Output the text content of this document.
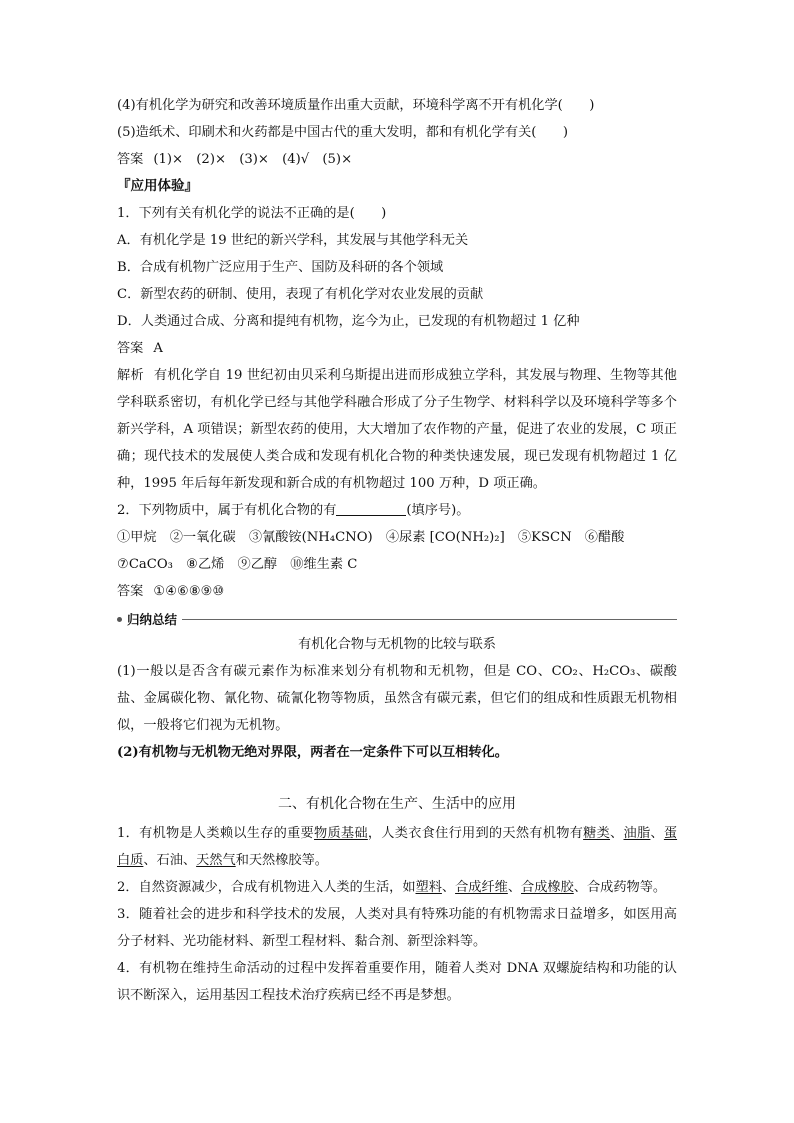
(4)有机化学为研究和改善环境质量作出重大贡献，环境科学离不开有机化学(　　)
(5)造纸术、印刷术和火药都是中国古代的重大发明，都和有机化学有关(　　)
答案 (1)×　(2)×　(3)×　(4)√　(5)×
『应用体验』
1．下列有关有机化学的说法不正确的是(　　)
A．有机化学是 19 世纪的新兴学科，其发展与其他学科无关
B．合成有机物广泛应用于生产、国防及科研的各个领域
C．新型农药的研制、使用，表现了有机化学对农业发展的贡献
D．人类通过合成、分离和提纯有机物，迄今为止，已发现的有机物超过 1 亿种
答案 A
解析 有机化学自 19 世纪初由贝采利乌斯提出进而形成独立学科，其发展与物理、生物等其他学科联系密切，有机化学已经与其他学科融合形成了分子生物学、材料科学以及环境科学等多个新兴学科，A 项错误；新型农药的使用，大大增加了农作物的产量，促进了农业的发展，C 项正确；现代技术的发展使人类合成和发现有机化合物的种类快速发展，现已发现有机物超过 1 亿种，1995 年后每年新发现和新合成的有机物超过 100 万种，D 项正确。
2．下列物质中，属于有机化合物的有	(填序号)。
①甲烷　②一氧化碳　③氰酸铵(NH₄CNO)　④尿素 [CO(NH₂)₂]　⑤KSCN　⑥醋酸
⑦CaCO₃　⑧乙烯　⑨乙醇　⑩维生素 C
答案 ①④⑥⑧⑨⑩
归纳总结
有机化合物与无机物的比较与联系
(1)一般以是否含有碳元素作为标准来划分有机物和无机物，但是 CO、CO₂、H₂CO₃、碳酸盐、金属碳化物、氰化物、硫氰化物等物质，虽然含有碳元素，但它们的组成和性质跟无机物相似，一般将它们视为无机物。
(2)有机物与无机物无绝对界限，两者在一定条件下可以互相转化。
二、有机化合物在生产、生活中的应用
1．有机物是人类赖以生存的重要物质基础，人类衣食住行用到的天然有机物有糖类、油脂、蛋白质、石油、天然气和天然橡胶等。
2．自然资源减少，合成有机物进入人类的生活，如塑料、合成纤维、合成橡胶、合成药物等。
3．随着社会的进步和科学技术的发展，人类对具有特殊功能的有机物需求日益增多，如医用高分子材料、光功能材料、新型工程材料、黏合剂、新型涂料等。
4．有机物在维持生命活动的过程中发挥着重要作用，随着人类对 DNA 双螺旋结构和功能的认识不断深入，运用基因工程技术治疗疾病已经不再是梦想。
